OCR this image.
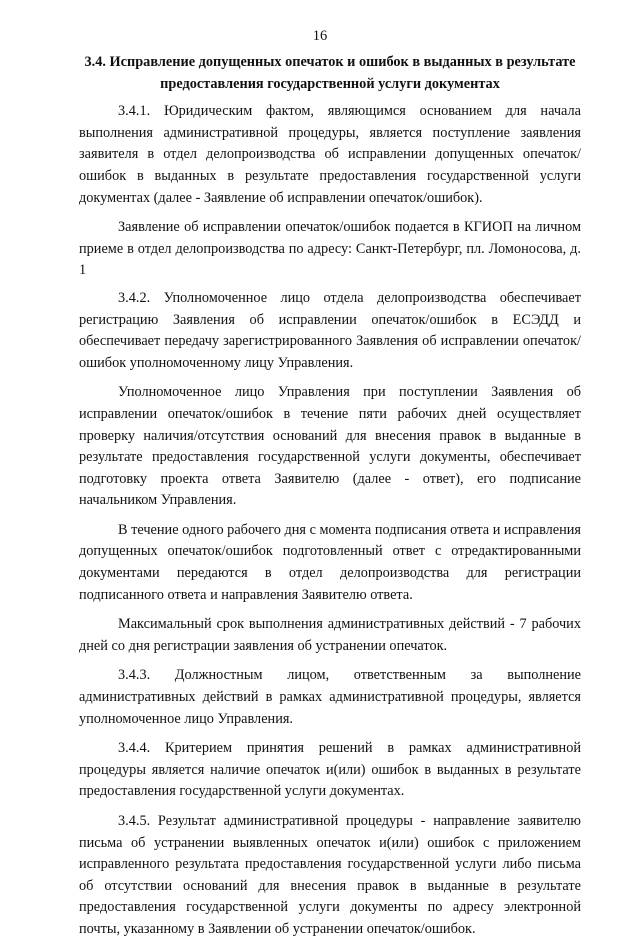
16
3.4. Исправление допущенных опечаток и ошибок в выданных в результате предоставления государственной услуги документах

3.4.1. Юридическим фактом, являющимся основанием для начала выполнения административной процедуры, является поступление заявления заявителя в отдел делопроизводства об исправлении допущенных опечаток/ошибок в выданных в результате предоставления государственной услуги документах (далее - Заявление об исправлении опечаток/ошибок).

Заявление об исправлении опечаток/ошибок подается в КГИОП на личном приеме в отдел делопроизводства по адресу: Санкт-Петербург, пл. Ломоносова, д. 1

3.4.2. Уполномоченное лицо отдела делопроизводства обеспечивает регистрацию Заявления об исправлении опечаток/ошибок в ЕСЭДД и обеспечивает передачу зарегистрированного Заявления об исправлении опечаток/ошибок уполномоченному лицу Управления.

Уполномоченное лицо Управления при поступлении Заявления об исправлении опечаток/ошибок в течение пяти рабочих дней осуществляет проверку наличия/отсутствия оснований для внесения правок в выданные в результате предоставления государственной услуги документы, обеспечивает подготовку проекта ответа Заявителю (далее - ответ), его подписание начальником Управления.

В течение одного рабочего дня с момента подписания ответа и исправления допущенных опечаток/ошибок подготовленный ответ с отредактированными документами передаются в отдел делопроизводства для регистрации подписанного ответа и направления Заявителю ответа.

Максимальный срок выполнения административных действий - 7 рабочих дней со дня регистрации заявления об устранении опечаток.

3.4.3. Должностным лицом, ответственным за выполнение административных действий в рамках административной процедуры, является уполномоченное лицо Управления.

3.4.4. Критерием принятия решений в рамках административной процедуры является наличие опечаток и(или) ошибок в выданных в результате предоставления государственной услуги документах.

3.4.5. Результат административной процедуры - направление заявителю письма об устранении выявленных опечаток и(или) ошибок с приложением исправленного результата предоставления государственной услуги либо письма об отсутствии оснований для внесения правок в выданные в результате предоставления государственной услуги документы по адресу электронной почты, указанному в Заявлении об устранении опечаток/ошибок.
